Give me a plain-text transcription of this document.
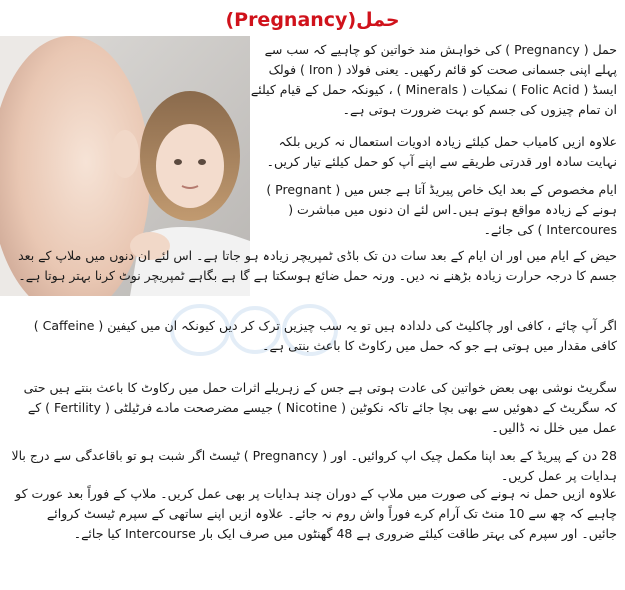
حمل(Pregnancy)
حمل ( Pregnancy ) کی خواہش مند خواتین کو چاہیے کہ سب سے پہلے اپنی جسمانی صحت کو قائم رکھیں۔ یعنی فولاد ( Iron ) فولک ایسڈ ( Folic Acid ) نمکیات ( Minerals ) ، کیونکہ حمل کے قیام کیلئے ان تمام چیزوں کی جسم کو بہت ضرورت ہوتی ہے۔
علاوہ ازیں کامیاب حمل کیلئے زیادہ ادویات استعمال نہ کریں بلکہ نہایت سادہ اور قدرتی طریقے سے اپنے آپ کو حمل کیلئے تیار کریں۔
ایام مخصوص کے بعد ایک خاص پیریڈ آتا ہے جس میں ( Pregnant ) ہونے کے زیادہ مواقع ہوتے ہیں۔اس لئے ان دنوں میں مباشرت ( Intercoures ) کی جائے۔
حیض کے ایام میں اور ان ایام کے بعد سات دن تک باڈی ٹمپریچر زیادہ ہو جاتا ہے۔ اس لئے ان دنوں میں ملاپ کے بعد جسم کا درجہ حرارت زیادہ بڑھنے نہ دیں۔ ورنہ حمل ضائع ہوسکتا ہے گا ہے بگاہے ٹمپریچر نوٹ کرنا بہتر ہوتا ہے۔
اگر آپ چائے ، کافی اور چاکلیٹ کی دلدادہ ہیں تو یہ سب چیزیں ترک کر دیں کیونکہ ان میں کیفین ( Caffeine ) کافی مقدار میں ہوتی ہے جو کہ حمل میں رکاوٹ کا باعث بنتی ہے۔
سگریٹ نوشی بھی بعض خواتین کی عادت ہوتی ہے جس کے زہریلے اثرات حمل میں رکاوٹ کا باعث بنتے ہیں حتی کہ سگریٹ کے دھوئیں سے بھی بچا جائے تاکہ نکوٹین ( Nicotine ) جیسے مضرصحت مادے فرٹیلٹی ( Fertility ) کے عمل میں خلل نہ ڈالیں۔
28 دن کے پیریڈ کے بعد اپنا مکمل چیک اپ کروائیں۔ اور ( Pregnancy ) ٹیسٹ اگر شبت ہو تو باقاعدگی سے درج بالا ہدایات پر عمل کریں۔
علاوہ ازیں حمل نہ ہونے کی صورت میں ملاپ کے دوران چند ہدایات پر بھی عمل کریں۔ ملاپ کے فوراً بعد عورت کو چاہیے کہ چھ سے 10 منٹ تک آرام کرے فوراً واش روم نہ جائے۔ علاوہ ازیں اپنے ساتھی کے سپرم ٹیسٹ کروائے جائیں۔ اور سپرم کی بہتر طاقت کیلئے ضروری ہے 48 گھنٹوں میں صرف ایک بار Intercourse کیا جائے۔
